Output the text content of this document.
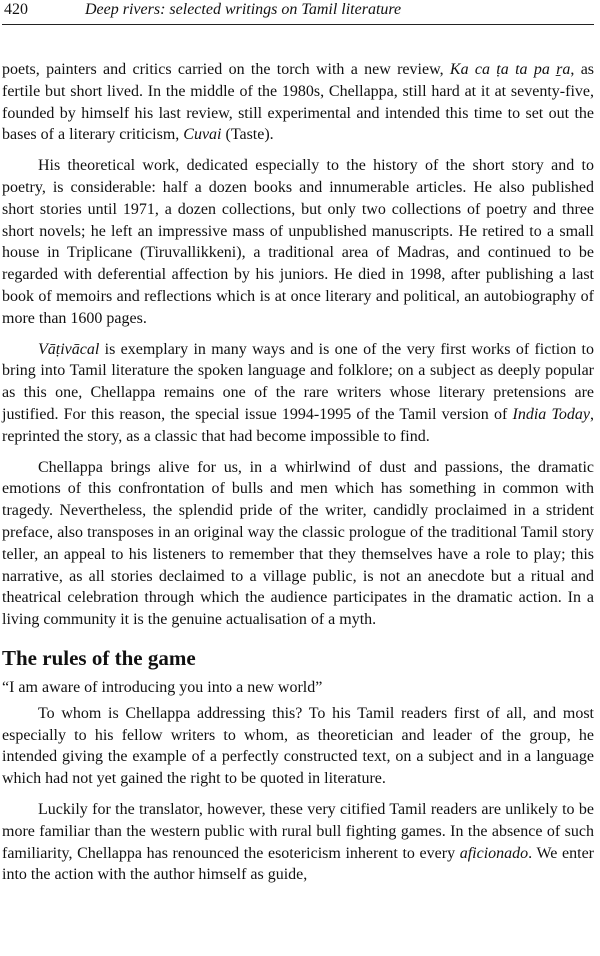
420	Deep rivers: selected writings on Tamil literature

poets, painters and critics carried on the torch with a new review, Ka ca ṭa ta pa ṟa, as fertile but short lived. In the middle of the 1980s, Chellappa, still hard at it at seventy-five, founded by himself his last review, still experimental and intended this time to set out the bases of a literary criticism, Cuvai (Taste).

His theoretical work, dedicated especially to the history of the short story and to poetry, is considerable: half a dozen books and innumerable articles. He also published short stories until 1971, a dozen collections, but only two collections of poetry and three short novels; he left an impressive mass of unpublished manuscripts. He retired to a small house in Triplicane (Tiruvallikkeni), a traditional area of Madras, and continued to be regarded with deferential affection by his juniors. He died in 1998, after publishing a last book of memoirs and reflections which is at once literary and political, an autobiography of more than 1600 pages.

Vāṭivācal is exemplary in many ways and is one of the very first works of fiction to bring into Tamil literature the spoken language and folklore; on a subject as deeply popular as this one, Chellappa remains one of the rare writers whose literary pretensions are justified. For this reason, the special issue 1994-1995 of the Tamil version of India Today, reprinted the story, as a classic that had become impossible to find.

Chellappa brings alive for us, in a whirlwind of dust and passions, the dramatic emotions of this confrontation of bulls and men which has something in common with tragedy. Nevertheless, the splendid pride of the writer, candidly proclaimed in a strident preface, also transposes in an original way the classic prologue of the traditional Tamil story teller, an appeal to his listeners to remember that they themselves have a role to play; this narrative, as all stories declaimed to a village public, is not an anecdote but a ritual and theatrical celebration through which the audience participates in the dramatic action. In a living community it is the genuine actualisation of a myth.

The rules of the game

“I am aware of introducing you into a new world”

To whom is Chellappa addressing this? To his Tamil readers first of all, and most especially to his fellow writers to whom, as theoretician and leader of the group, he intended giving the example of a perfectly constructed text, on a subject and in a language which had not yet gained the right to be quoted in literature.

Luckily for the translator, however, these very citified Tamil readers are unlikely to be more familiar than the western public with rural bull fighting games. In the absence of such familiarity, Chellappa has renounced the esotericism inherent to every aficionado. We enter into the action with the author himself as guide,
